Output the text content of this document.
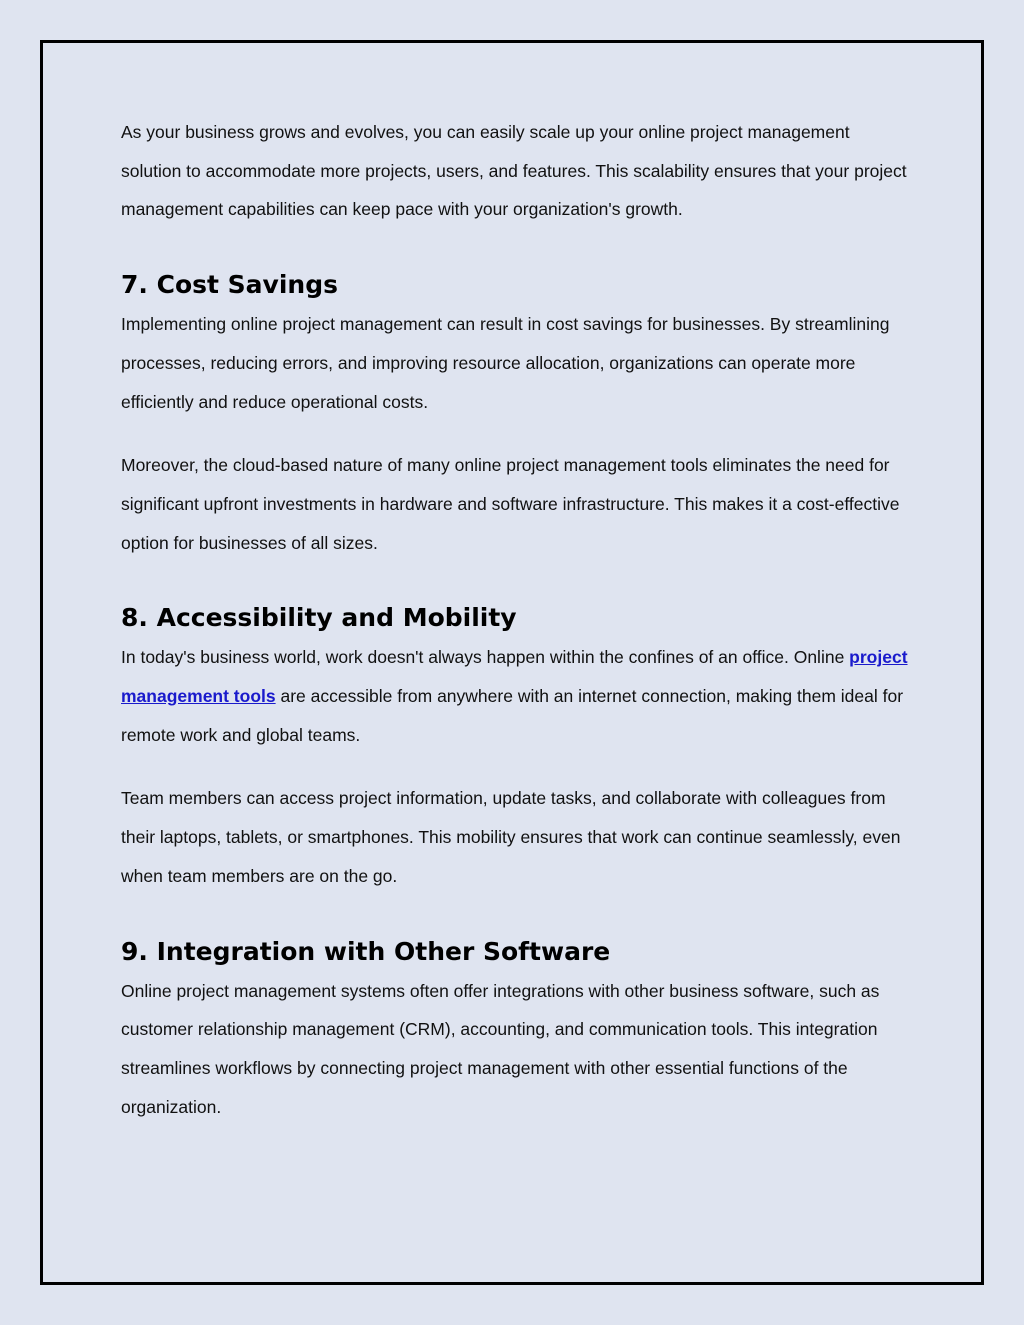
As your business grows and evolves, you can easily scale up your online project management solution to accommodate more projects, users, and features. This scalability ensures that your project management capabilities can keep pace with your organization's growth.

7. Cost Savings

Implementing online project management can result in cost savings for businesses. By streamlining processes, reducing errors, and improving resource allocation, organizations can operate more efficiently and reduce operational costs.

Moreover, the cloud-based nature of many online project management tools eliminates the need for significant upfront investments in hardware and software infrastructure. This makes it a cost-effective option for businesses of all sizes.

8. Accessibility and Mobility

In today's business world, work doesn't always happen within the confines of an office. Online project management tools are accessible from anywhere with an internet connection, making them ideal for remote work and global teams.

Team members can access project information, update tasks, and collaborate with colleagues from their laptops, tablets, or smartphones. This mobility ensures that work can continue seamlessly, even when team members are on the go.

9. Integration with Other Software

Online project management systems often offer integrations with other business software, such as customer relationship management (CRM), accounting, and communication tools. This integration streamlines workflows by connecting project management with other essential functions of the organization.
